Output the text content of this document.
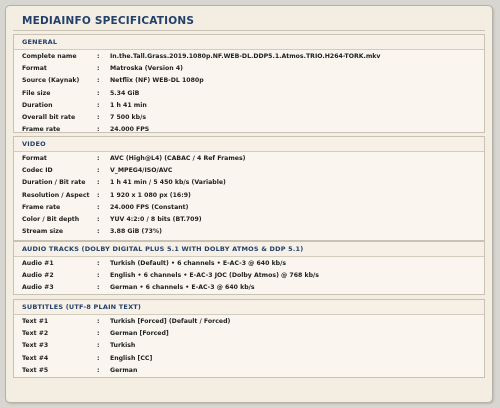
MEDIAINFO SPECIFICATIONS
GENERAL
Complete name	: In.the.Tall.Grass.2019.1080p.NF.WEB-DL.DDP5.1.Atmos.TRIO.H264-TORK.mkv
Format	: Matroska (Version 4)
Source (Kaynak)	: Netflix (NF) WEB-DL 1080p
File size	: 5.34 GiB
Duration	: 1 h 41 min
Overall bit rate	: 7 500 kb/s
Frame rate	: 24.000 FPS
VIDEO
Format	: AVC (High@L4) (CABAC / 4 Ref Frames)
Codec ID	: V_MPEG4/ISO/AVC
Duration / Bit rate : 1 h 41 min / 5 450 kb/s (Variable)
Resolution / Aspect : 1 920 x 1 080 px (16:9)
Frame rate	: 24.000 FPS (Constant)
Color / Bit depth	: YUV 4:2:0 / 8 bits (BT.709)
Stream size	: 3.88 GiB (73%)
AUDIO TRACKS (DOLBY DIGITAL PLUS 5.1 WITH DOLBY ATMOS & DDP 5.1)
Audio #1	: Turkish (Default) • 6 channels • E-AC-3 @ 640 kb/s
Audio #2	: English • 6 channels • E-AC-3 JOC (Dolby Atmos) @ 768 kb/s
Audio #3	: German • 6 channels • E-AC-3 @ 640 kb/s
SUBTITLES (UTF-8 PLAIN TEXT)
Text #1	: Turkish [Forced] (Default / Forced)
Text #2	: German [Forced]
Text #3	: Turkish
Text #4	: English [CC]
Text #5	: German
